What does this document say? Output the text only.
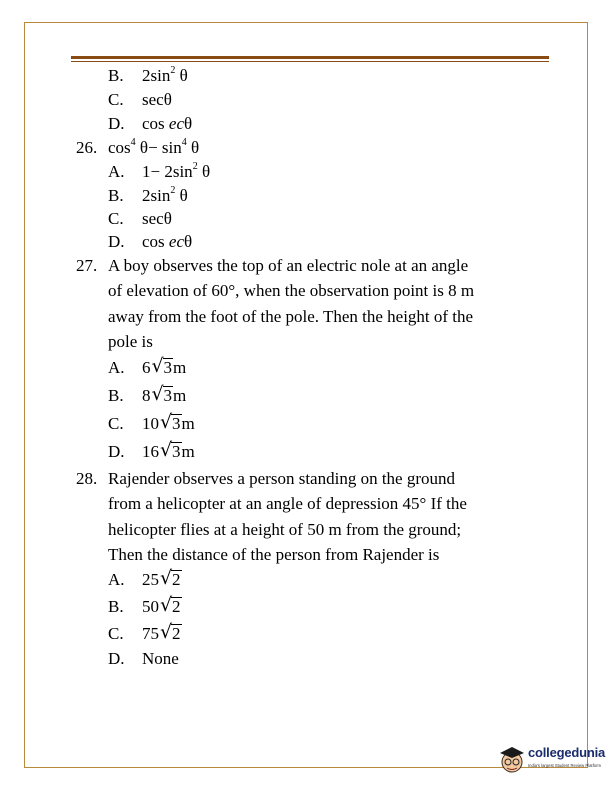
B. $2\sin^2$ θ
C. secθ
D. cos ecθ
26. $\cos^4 \theta- \sin^4 \theta$
A. $1- 2\sin^2$ θ
B. $2\sin^2$ θ
C. secθ
D. cos ecθ
27. A boy observes the top of an electric nole at an angle
of elevation of 60°, when the observation point is 8 m
away from the foot of the pole. Then the height of the
pole is
A. 6 √ 3m
B. 8 √ 3m
C. 10 √ 3m
D. 16 √ 3m
28. Rajender observes a person standing on the ground
from a helicopter at an angle of depression 45° If the
helicopter flies at a height of 50 m from the ground;
Then the distance of the person from Rajender is
A. 25 √ 2
B. 50 √ 2
C. 75 √ 2
D. None
collegedunia
India's largest Student Review Platform
